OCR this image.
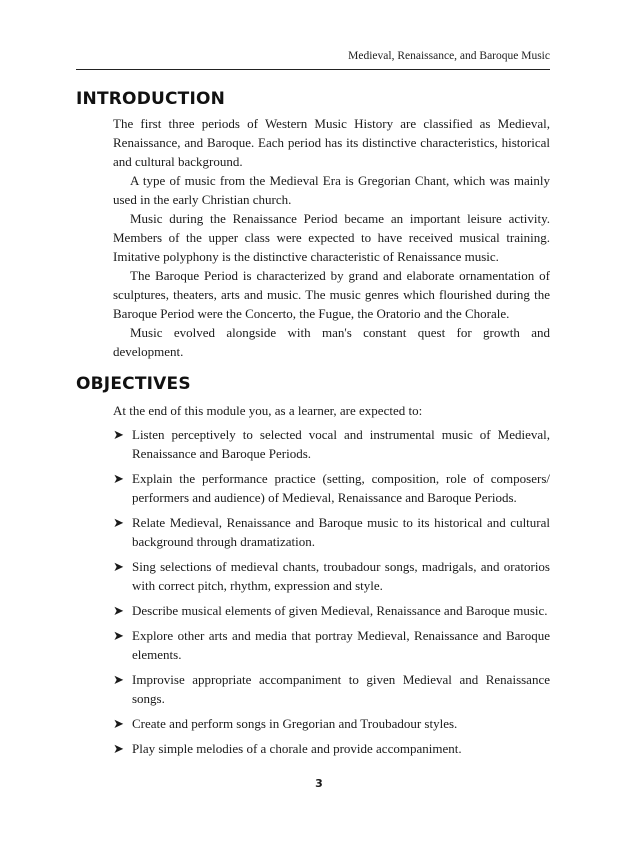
Medieval, Renaissance, and Baroque Music
INTRODUCTION

The first three periods of Western Music History are classified as Medieval, Renaissance, and Baroque. Each period has its distinctive characteristics, historical and cultural background.

A type of music from the Medieval Era is Gregorian Chant, which was mainly used in the early Christian church.

Music during the Renaissance Period became an important leisure activity. Members of the upper class were expected to have received musical training. Imitative polyphony is the distinctive characteristic of Renaissance music.

The Baroque Period is characterized by grand and elaborate ornamentation of sculptures, theaters, arts and music. The music genres which flourished during the Baroque Period were the Concerto, the Fugue, the Oratorio and the Chorale.

Music evolved alongside with man's constant quest for growth and development.

OBJECTIVES
At the end of this module you, as a learner, are expected to:
➤ Listen perceptively to selected vocal and instrumental music of Medieval, Renaissance and Baroque Periods.
➤ Explain the performance practice (setting, composition, role of composers/ performers and audience) of Medieval, Renaissance and Baroque Periods.
➤ Relate Medieval, Renaissance and Baroque music to its historical and cultural background through dramatization.
➤ Sing selections of medieval chants, troubadour songs, madrigals, and oratorios with correct pitch, rhythm, expression and style.
➤ Describe musical elements of given Medieval, Renaissance and Baroque music.
➤ Explore other arts and media that portray Medieval, Renaissance and Baroque elements.
➤ Improvise appropriate accompaniment to given Medieval and Renaissance songs.
➤ Create and perform songs in Gregorian and Troubadour styles.
➤ Play simple melodies of a chorale and provide accompaniment.
3
